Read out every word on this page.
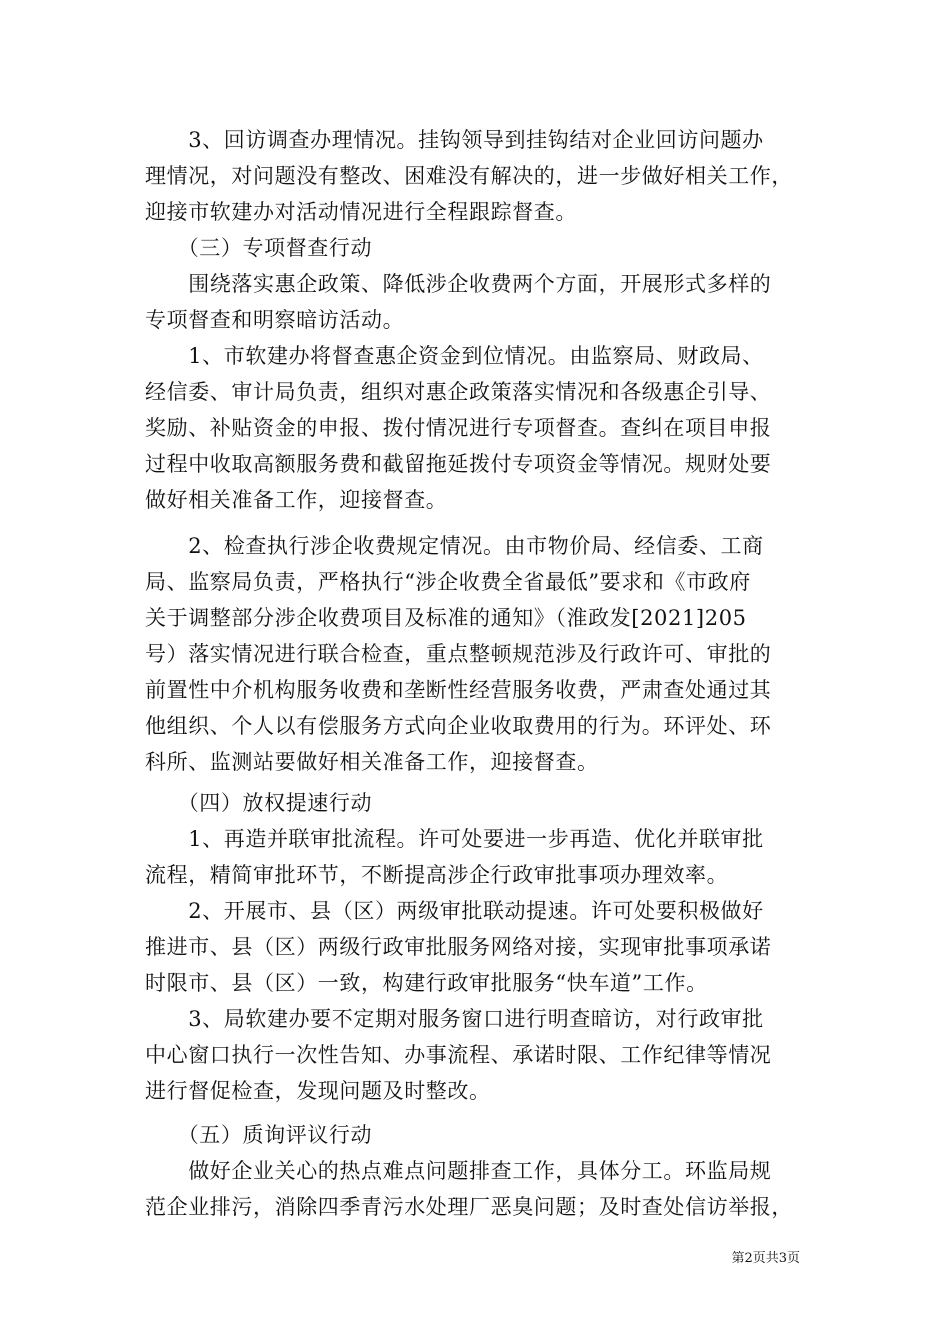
　　3、回访调查办理情况。挂钩领导到挂钩结对企业回访问题办
理情况，对问题没有整改、困难没有解决的，进一步做好相关工作，
迎接市软建办对活动情况进行全程跟踪督查。
　　（三）专项督查行动
　　围绕落实惠企政策、降低涉企收费两个方面，开展形式多样的
专项督查和明察暗访活动。
　　1、市软建办将督查惠企资金到位情况。由监察局、财政局、
经信委、审计局负责，组织对惠企政策落实情况和各级惠企引导、
奖励、补贴资金的申报、拨付情况进行专项督查。查纠在项目申报
过程中收取高额服务费和截留拖延拨付专项资金等情况。规财处要
做好相关准备工作，迎接督查。
　　2、检查执行涉企收费规定情况。由市物价局、经信委、工商
局、监察局负责，严格执行“涉企收费全省最低”要求和《市政府
关于调整部分涉企收费项目及标准的通知》（淮政发[2021]205
号）落实情况进行联合检查，重点整顿规范涉及行政许可、审批的
前置性中介机构服务收费和垄断性经营服务收费，严肃查处通过其
他组织、个人以有偿服务方式向企业收取费用的行为。环评处、环
科所、监测站要做好相关准备工作，迎接督查。
　　（四）放权提速行动
　　1、再造并联审批流程。许可处要进一步再造、优化并联审批
流程，精简审批环节，不断提高涉企行政审批事项办理效率。
　　2、开展市、县（区）两级审批联动提速。许可处要积极做好
推进市、县（区）两级行政审批服务网络对接，实现审批事项承诺
时限市、县（区）一致，构建行政审批服务“快车道”工作。
　　3、局软建办要不定期对服务窗口进行明查暗访，对行政审批
中心窗口执行一次性告知、办事流程、承诺时限、工作纪律等情况
进行督促检查，发现问题及时整改。
　　（五）质询评议行动
　　做好企业关心的热点难点问题排查工作，具体分工。环监局规
范企业排污，消除四季青污水处理厂恶臭问题；及时查处信访举报，
第2页共3页
